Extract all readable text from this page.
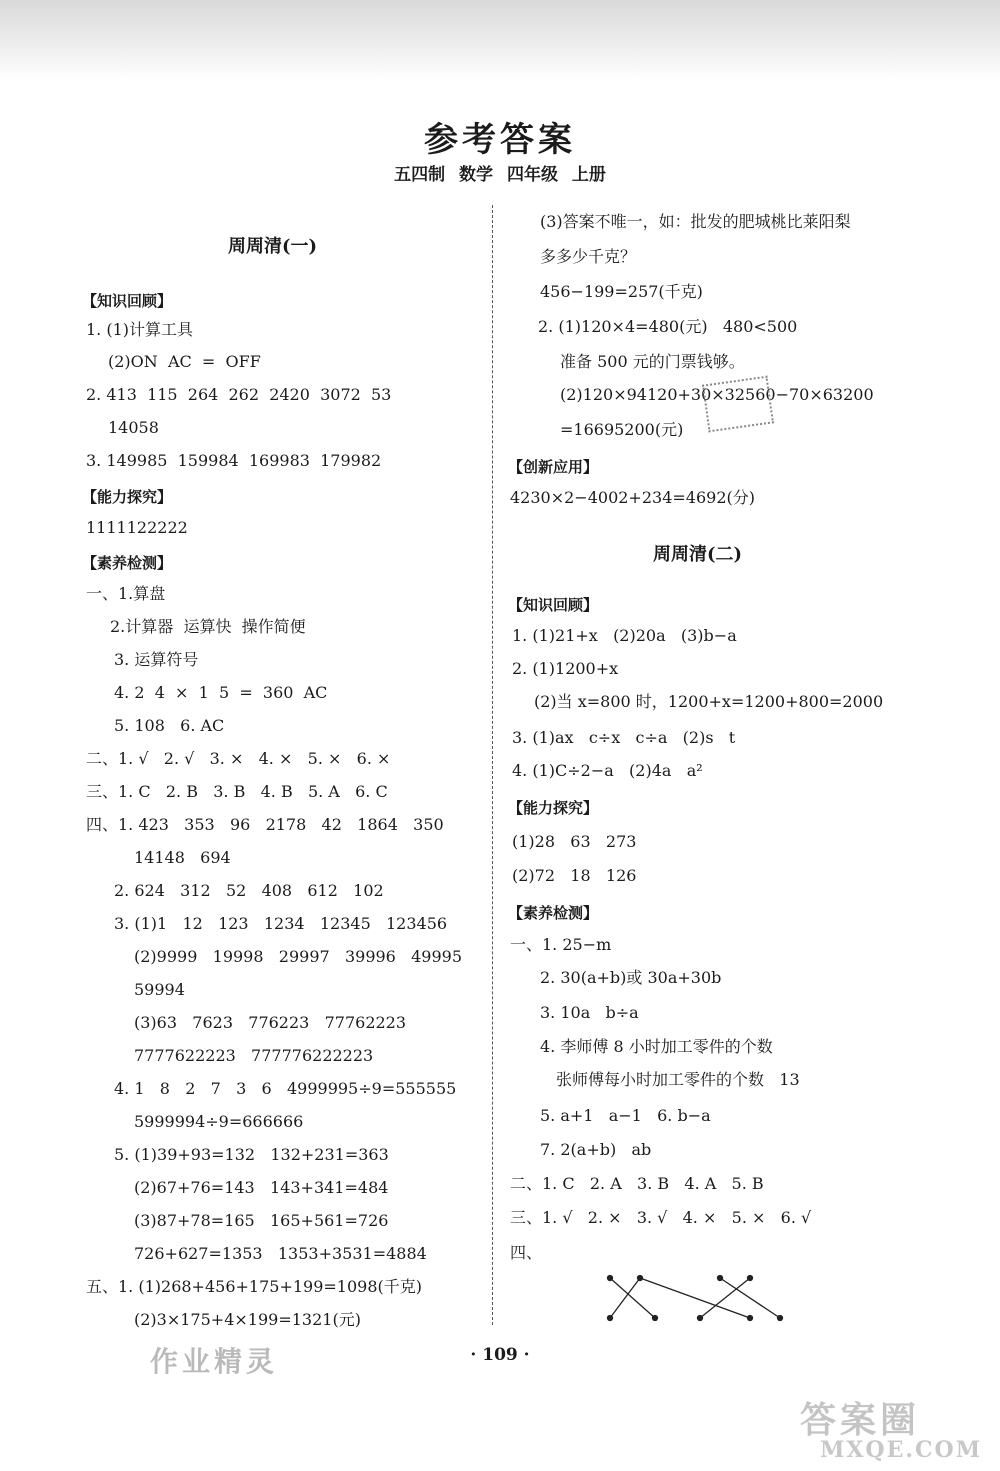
参考答案
五四制 数学 四年级 上册
周周清(一)
【知识回顾】
1. (1)计算工具
(2)ON  AC  =  OFF
2. 413  115  264  262  2420  3072  53
14058
3. 149985  159984  169983  179982
【能力探究】
1111122222
【素养检测】
一、1.算盘
2.计算器  运算快  操作简便
3. 运算符号
4. 2  4  ×  1  5  =  360  AC
5. 108   6. AC
二、1. √   2. √   3. ×   4. ×   5. ×   6. ×
三、1. C   2. B   3. B   4. B   5. A   6. C
四、1. 423   353   96   2178   42   1864   350
14148   694
2. 624   312   52   408   612   102
3. (1)1   12   123   1234   12345   123456
(2)9999   19998   29997   39996   49995
59994
(3)63   7623   776223   77762223
7777622223   777776222223
4. 1   8   2   7   3   6   4999995÷9=555555
5999994÷9=666666
5. (1)39+93=132   132+231=363
(2)67+76=143   143+341=484
(3)87+78=165   165+561=726
726+627=1353   1353+3531=4884
五、1. (1)268+456+175+199=1098(千克)
(2)3×175+4×199=1321(元)
(3)答案不唯一，如：批发的肥城桃比莱阳梨
多多少千克？
456−199=257(千克)
2. (1)120×4=480(元)   480<500
准备 500 元的门票钱够。
(2)120×94120+30×32560−70×63200
=16695200(元)
【创新应用】
4230×2−4002+234=4692(分)
周周清(二)
【知识回顾】
1. (1)21+x   (2)20a   (3)b−a
2. (1)1200+x
(2)当 x=800 时，1200+x=1200+800=2000
3. (1)ax   c÷x   c÷a   (2)s   t
4. (1)C÷2−a   (2)4a   a²
【能力探究】
(1)28   63   273
(2)72   18   126
【素养检测】
一、1. 25−m
2. 30(a+b)或 30a+30b
3. 10a   b÷a
4. 李师傅 8 小时加工零件的个数
张师傅每小时加工零件的个数   13
5. a+1   a−1   6. b−a
7. 2(a+b)   ab
二、1. C   2. A   3. B   4. A   5. B
三、1. √   2. ×   3. √   4. ×   5. ×   6. √
四、
· 109 ·
作业精灵
答案圈
MXQE.COM
